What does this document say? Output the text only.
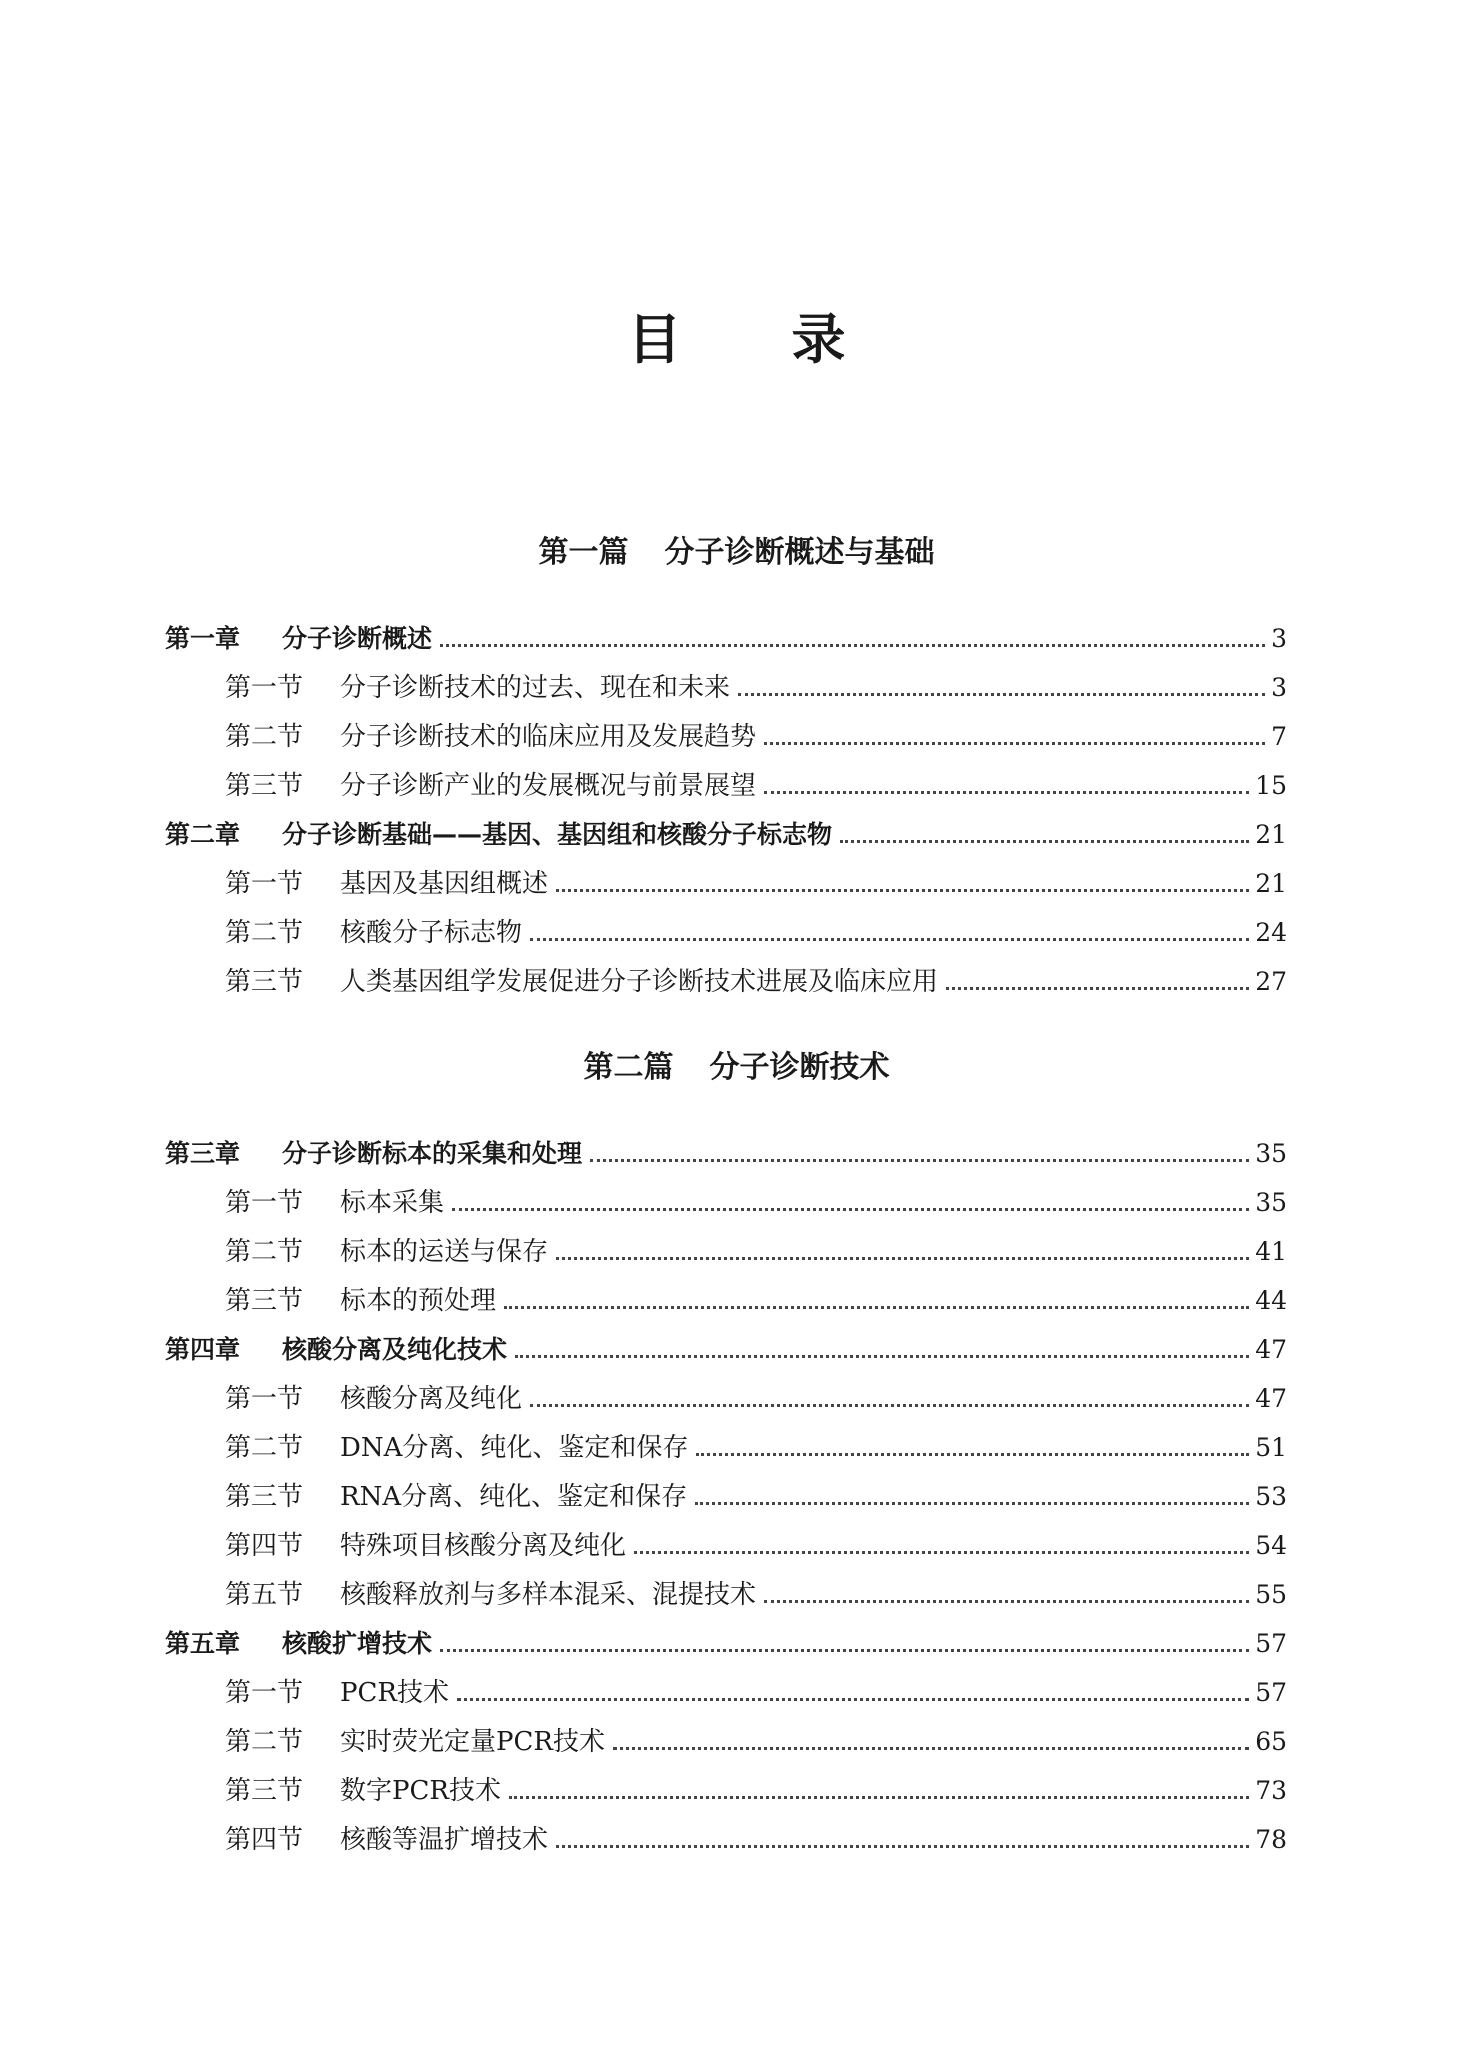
目 录
第一篇 分子诊断概述与基础
第一章	分子诊断概述	3
第一节	分子诊断技术的过去、现在和未来	3
第二节	分子诊断技术的临床应用及发展趋势	7
第三节	分子诊断产业的发展概况与前景展望	15
第二章	分子诊断基础——基因、基因组和核酸分子标志物	21
第一节	基因及基因组概述	21
第二节	核酸分子标志物	24
第三节	人类基因组学发展促进分子诊断技术进展及临床应用	27
第二篇 分子诊断技术
第三章	分子诊断标本的采集和处理	35
第一节	标本采集	35
第二节	标本的运送与保存	41
第三节	标本的预处理	44
第四章	核酸分离及纯化技术	47
第一节	核酸分离及纯化	47
第二节	DNA分离、纯化、鉴定和保存	51
第三节	RNA分离、纯化、鉴定和保存	53
第四节	特殊项目核酸分离及纯化	54
第五节	核酸释放剂与多样本混采、混提技术	55
第五章	核酸扩增技术	57
第一节	PCR技术	57
第二节	实时荧光定量PCR技术	65
第三节	数字PCR技术	73
第四节	核酸等温扩增技术	78
